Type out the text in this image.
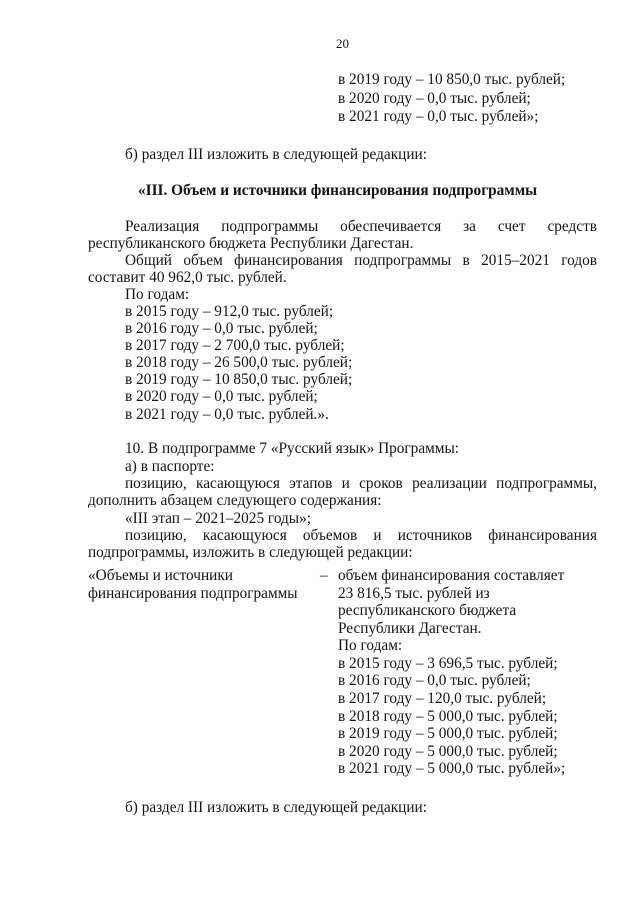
20
в 2019 году – 10 850,0 тыс. рублей;
в 2020 году – 0,0 тыс. рублей;
в 2021 году – 0,0 тыс. рублей»;
б) раздел III изложить в следующей редакции:
«III. Объем и источники финансирования подпрограммы
Реализация подпрограммы обеспечивается за счет средств
республиканского бюджета Республики Дагестан.
Общий объем финансирования подпрограммы в 2015–2021 годов
составит 40 962,0 тыс. рублей.
По годам:
в 2015 году – 912,0 тыс. рублей;
в 2016 году – 0,0 тыс. рублей;
в 2017 году – 2 700,0 тыс. рублей;
в 2018 году – 26 500,0 тыс. рублей;
в 2019 году – 10 850,0 тыс. рублей;
в 2020 году – 0,0 тыс. рублей;
в 2021 году – 0,0 тыс. рублей.».
10. В подпрограмме 7 «Русский язык» Программы:
а) в паспорте:
позицию, касающуюся этапов и сроков реализации подпрограммы,
дополнить абзацем следующего содержания:
«III этап – 2021–2025 годы»;
позицию, касающуюся объемов и источников финансирования
подпрограммы, изложить в следующей редакции:
«Объемы и источники
финансирования подпрограммы
– объем финансирования составляет
23 816,5 тыс. рублей из
республиканского бюджета
Республики Дагестан.
По годам:
в 2015 году – 3 696,5 тыс. рублей;
в 2016 году – 0,0 тыс. рублей;
в 2017 году – 120,0 тыс. рублей;
в 2018 году – 5 000,0 тыс. рублей;
в 2019 году – 5 000,0 тыс. рублей;
в 2020 году – 5 000,0 тыс. рублей;
в 2021 году – 5 000,0 тыс. рублей»;
б) раздел III изложить в следующей редакции:
